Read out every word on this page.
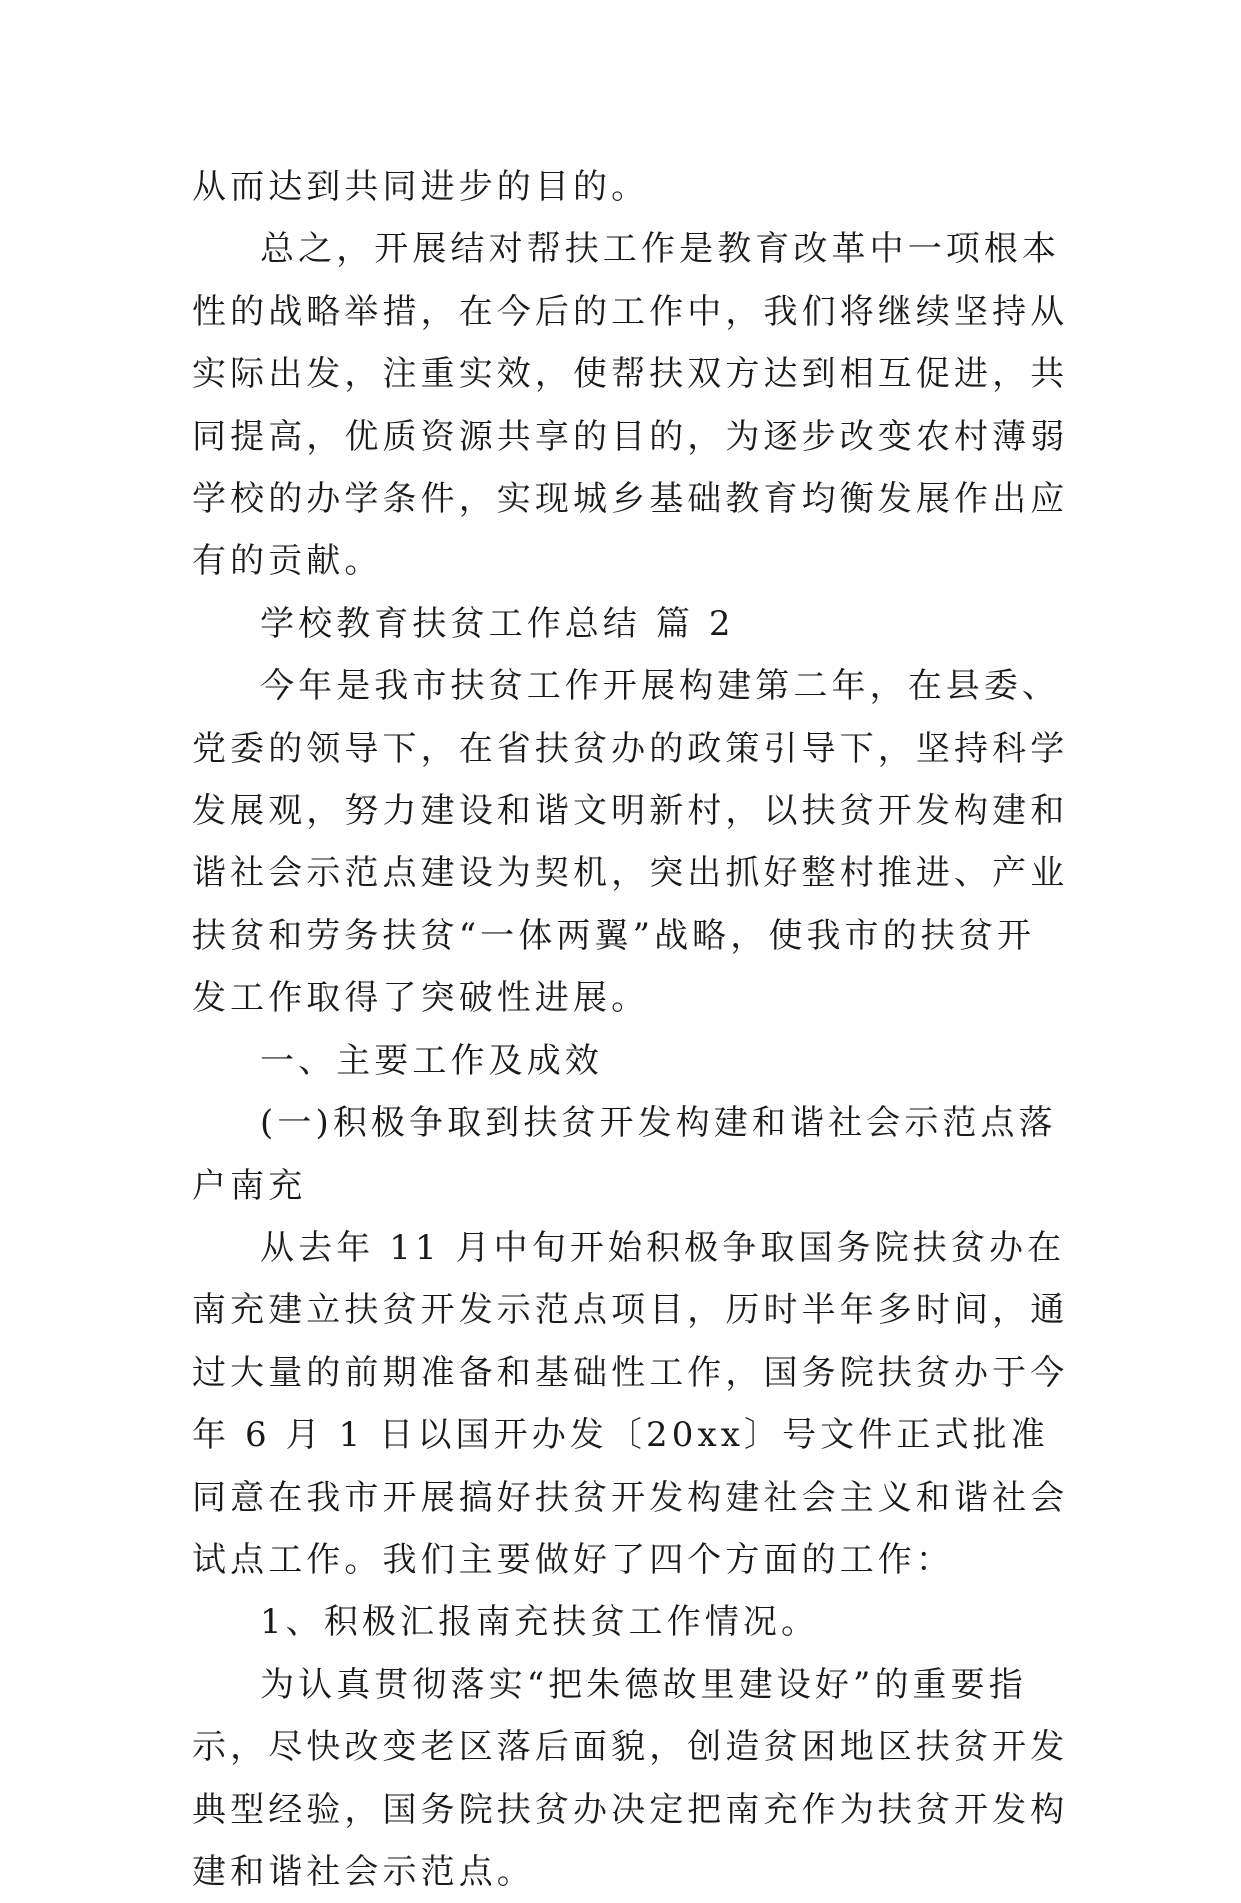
从而达到共同进步的目的。

总之，开展结对帮扶工作是教育改革中一项根本性的战略举措，在今后的工作中，我们将继续坚持从实际出发，注重实效，使帮扶双方达到相互促进，共同提高，优质资源共享的目的，为逐步改变农村薄弱学校的办学条件，实现城乡基础教育均衡发展作出应有的贡献。

学校教育扶贫工作总结 篇 2

今年是我市扶贫工作开展构建第二年，在县委、党委的领导下，在省扶贫办的政策引导下，坚持科学发展观，努力建设和谐文明新村，以扶贫开发构建和谐社会示范点建设为契机，突出抓好整村推进、产业扶贫和劳务扶贫“一体两翼”战略，使我市的扶贫开发工作取得了突破性进展。

一、主要工作及成效

(一)积极争取到扶贫开发构建和谐社会示范点落户南充

从去年 11 月中旬开始积极争取国务院扶贫办在南充建立扶贫开发示范点项目，历时半年多时间，通过大量的前期准备和基础性工作，国务院扶贫办于今年 6 月 1 日以国开办发〔20xx〕号文件正式批准同意在我市开展搞好扶贫开发构建社会主义和谐社会试点工作。我们主要做好了四个方面的工作：

1、积极汇报南充扶贫工作情况。

为认真贯彻落实“把朱德故里建设好”的重要指示，尽快改变老区落后面貌，创造贫困地区扶贫开发典型经验，国务院扶贫办决定把南充作为扶贫开发构建和谐社会示范点。
